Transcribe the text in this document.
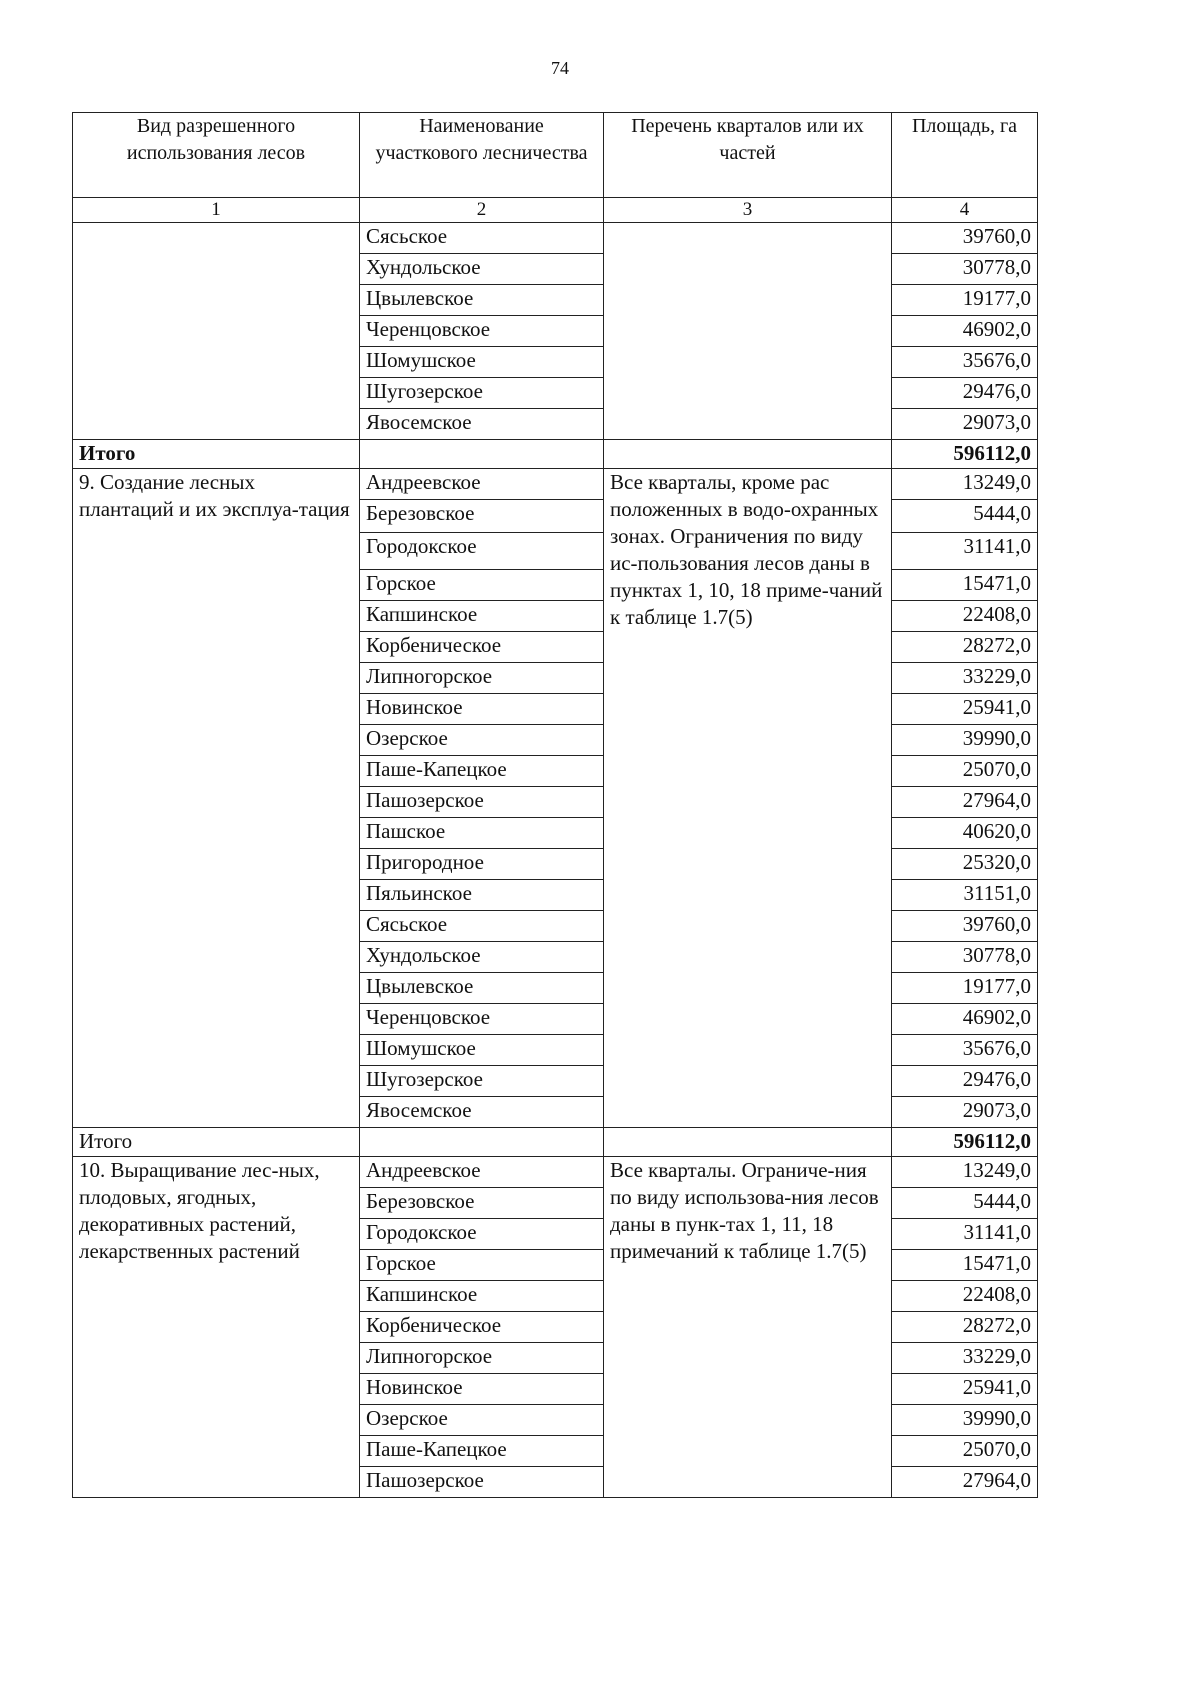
74
Вид разрешенного использования лесов	Наименование участкового лесничества	Перечень кварталов или их частей	Площадь, га
1	2	3	4
	Сясьское		39760,0
	Хундольское		30778,0
	Цвылевское		19177,0
	Черенцовское		46902,0
	Шомушское		35676,0
	Шугозерское		29476,0
	Явосемское		29073,0
Итого			596112,0
9. Создание лесных плантаций и их эксплуа-тация	Андреевское	Все кварталы, кроме рас положенных в водо-охранных зонах. Ограничения по виду ис-пользования лесов даны в пунктах 1, 10, 18 приме-чаний к таблице 1.7(5)	13249,0
	Березовское		5444,0
	Городокское		31141,0
	Горское		15471,0
	Капшинское		22408,0
	Корбеническое		28272,0
	Липногорское		33229,0
	Новинское		25941,0
	Озерское		39990,0
	Паше-Капецкое		25070,0
	Пашозерское		27964,0
	Пашское		40620,0
	Пригородное		25320,0
	Пяльинское		31151,0
	Сясьское		39760,0
	Хундольское		30778,0
	Цвылевское		19177,0
	Черенцовское		46902,0
	Шомушское		35676,0
	Шугозерское		29476,0
	Явосемское		29073,0
Итого			596112,0
10. Выращивание лес-ных, плодовых, ягодных, декоративных растений, лекарственных растений	Андреевское	Все кварталы. Ограниче-ния по виду использова-ния лесов даны в пунк-тах 1, 11, 18 примечаний к таблице 1.7(5)	13249,0
	Березовское		5444,0
	Городокское		31141,0
	Горское		15471,0
	Капшинское		22408,0
	Корбеническое		28272,0
	Липногорское		33229,0
	Новинское		25941,0
	Озерское		39990,0
	Паше-Капецкое		25070,0
	Пашозерское		27964,0
